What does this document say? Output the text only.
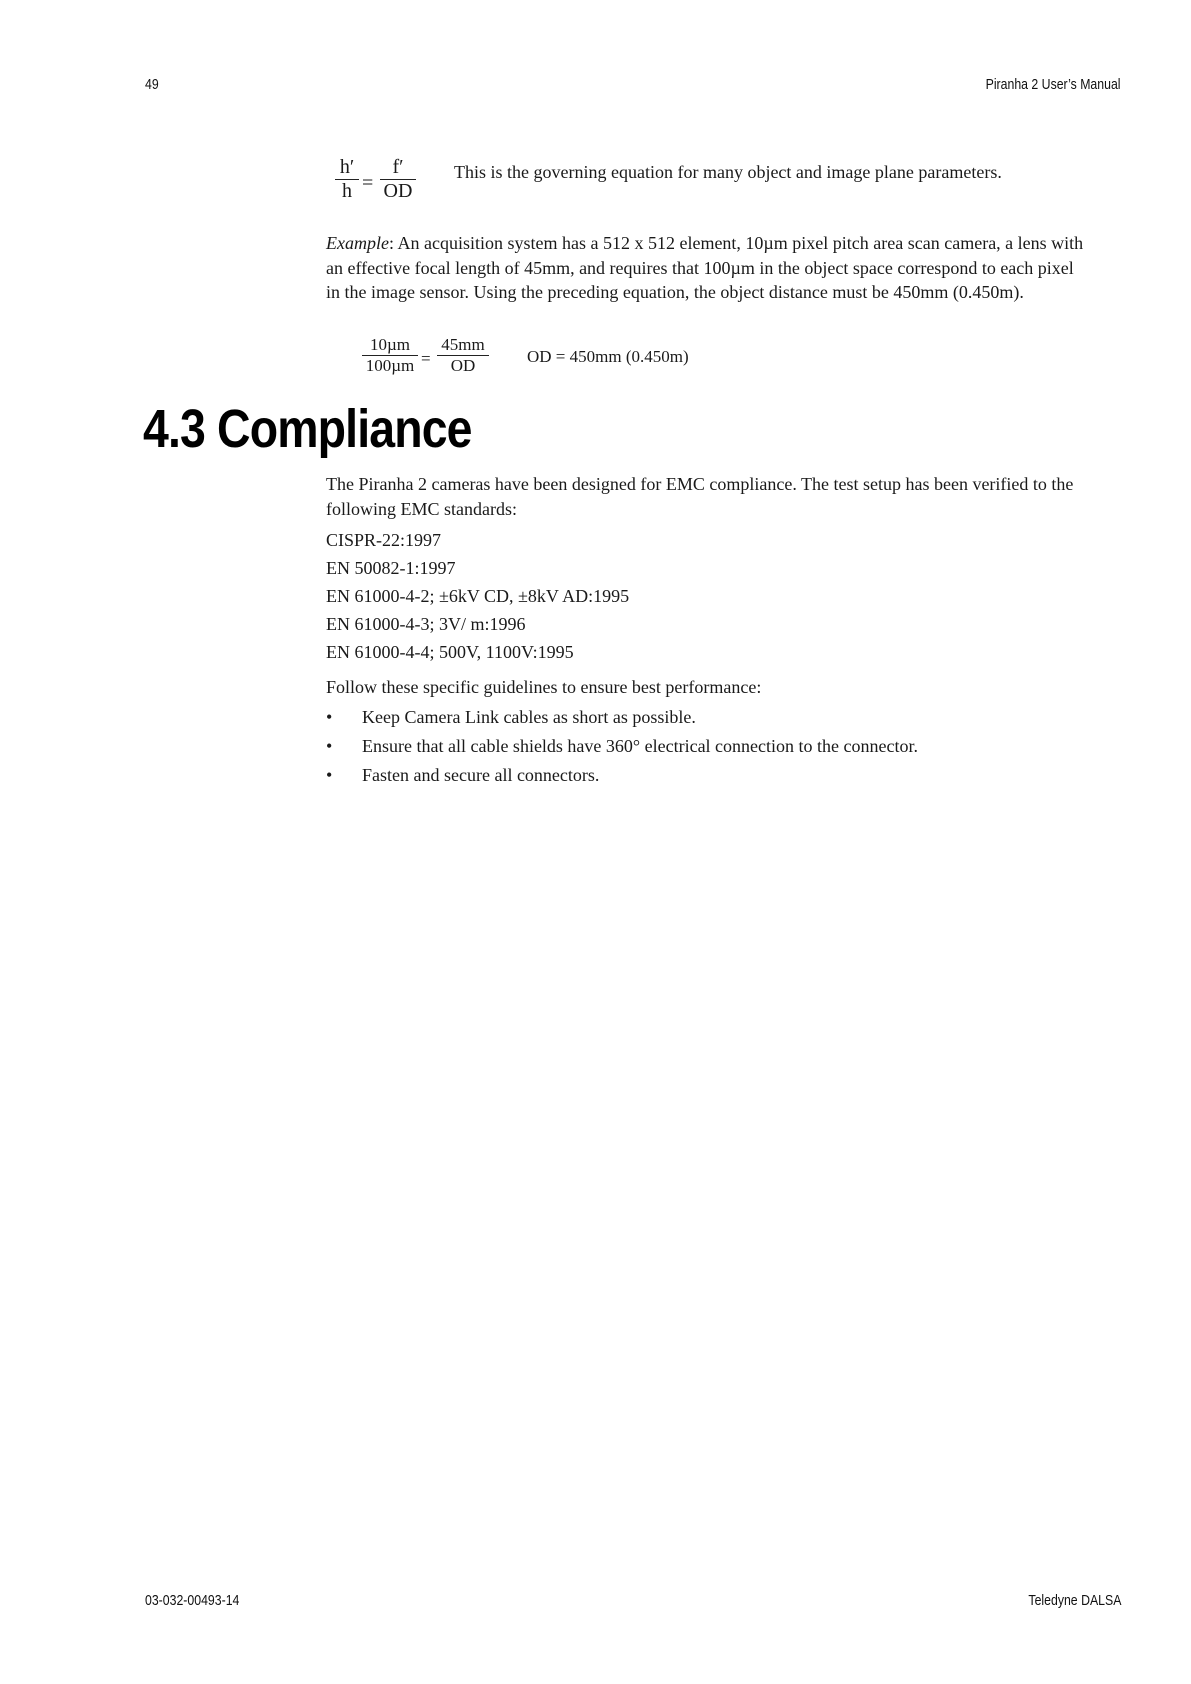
49	Piranha 2 User’s Manual
h′
h =
f′
OD
This is the governing equation for many object and image plane parameters.
Example: An acquisition system has a 512 x 512 element, 10µm pixel pitch area scan camera, a lens with an effective focal length of 45mm, and requires that 100µm in the object space correspond to each pixel in the image sensor. Using the preceding equation, the object distance must be 450mm (0.450m).
10µm
100µm =
45mm
OD	OD = 450mm (0.450m)
4.3 Compliance
The Piranha 2 cameras have been designed for EMC compliance. The test setup has been verified to the following EMC standards:
CISPR-22:1997
EN 50082-1:1997
EN 61000-4-2; ±6kV CD, ±8kV AD:1995
EN 61000-4-3; 3V/ m:1996
EN 61000-4-4; 500V, 1100V:1995
Follow these specific guidelines to ensure best performance:
•	Keep Camera Link cables as short as possible.
•	Ensure that all cable shields have 360° electrical connection to the connector.
•	Fasten and secure all connectors.
03-032-00493-14	Teledyne DALSA
